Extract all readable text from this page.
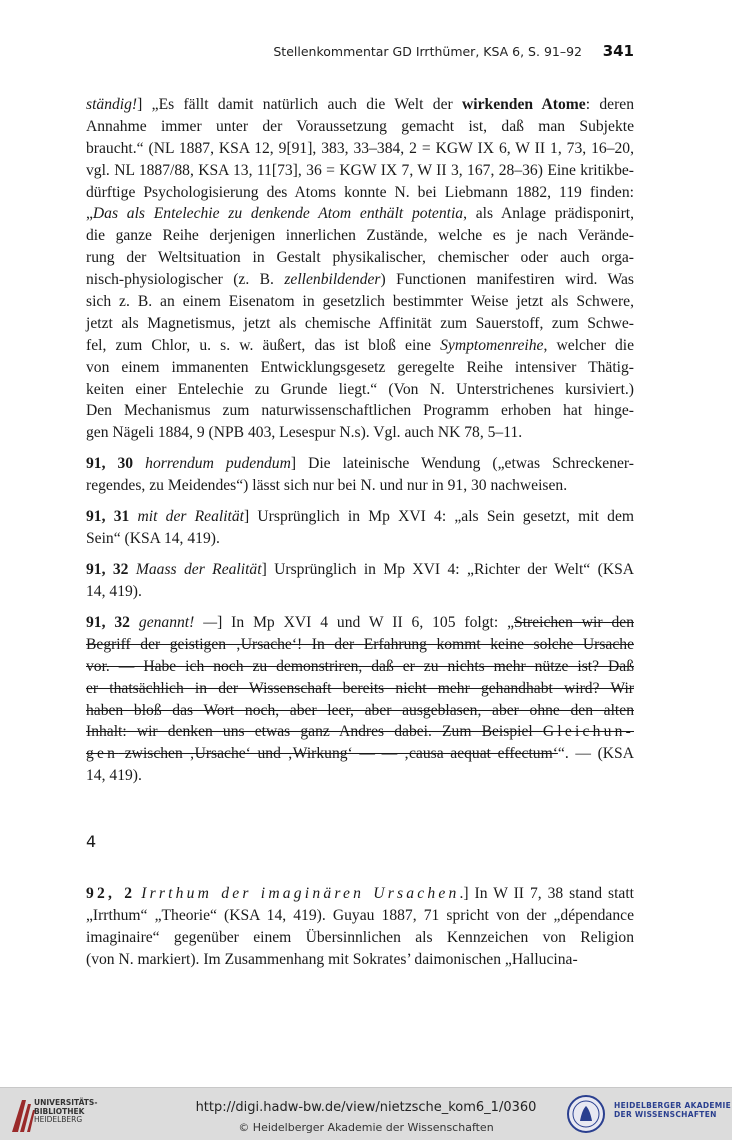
Stellenkommentar GD Irrthümer, KSA 6, S. 91–92 341
ständig!] „Es fällt damit natürlich auch die Welt der wirkenden Atome: deren
Annahme immer unter der Voraussetzung gemacht ist, daß man Subjekte
braucht.“ (NL 1887, KSA 12, 9[91], 383, 33–384, 2 = KGW IX 6, W II 1, 73, 16–20,
vgl. NL 1887/88, KSA 13, 11[73], 36 = KGW IX 7, W II 3, 167, 28–36) Eine kritikbe-
dürftige Psychologisierung des Atoms konnte N. bei Liebmann 1882, 119 finden:
„Das als Entelechie zu denkende Atom enthält potentia, als Anlage prädisponirt,
die ganze Reihe derjenigen innerlichen Zustände, welche es je nach Verände-
rung der Weltsituation in Gestalt physikalischer, chemischer oder auch orga-
nisch-physiologischer (z. B. zellenbildender) Functionen manifestiren wird. Was
sich z. B. an einem Eisenatom in gesetzlich bestimmter Weise jetzt als Schwere,
jetzt als Magnetismus, jetzt als chemische Affinität zum Sauerstoff, zum Schwe-
fel, zum Chlor, u. s. w. äußert, das ist bloß eine Symptomenreihe, welcher die
von einem immanenten Entwicklungsgesetz geregelte Reihe intensiver Thätig-
keiten einer Entelechie zu Grunde liegt.“ (Von N. Unterstrichenes kursiviert.)
Den Mechanismus zum naturwissenschaftlichen Programm erhoben hat hinge-
gen Nägeli 1884, 9 (NPB 403, Lesespur N.s). Vgl. auch NK 78, 5–11.
91, 30 horrendum pudendum] Die lateinische Wendung („etwas Schreckener-
regendes, zu Meidendes“) lässt sich nur bei N. und nur in 91, 30 nachweisen.
91, 31 mit der Realität] Ursprünglich in Mp XVI 4: „als Sein gesetzt, mit dem
Sein“ (KSA 14, 419).
91, 32 Maass der Realität] Ursprünglich in Mp XVI 4: „Richter der Welt“ (KSA
14, 419).
91, 32 genannt! —] In Mp XVI 4 und W II 6, 105 folgt: „Streichen wir den
Begriff der geistigen ‚Ursache‘! In der Erfahrung kommt keine solche Ursache
vor. — Habe ich noch zu demonstriren, daß er zu nichts mehr nütze ist? Daß
er thatsächlich in der Wissenschaft bereits nicht mehr gehandhabt wird? Wir
haben bloß das Wort noch, aber leer, aber ausgeblasen, aber ohne den alten
Inhalt: wir denken uns etwas ganz Andres dabei. Zum Beispiel Gleichun-
gen zwischen ‚Ursache‘ und ‚Wirkung‘ — — ‚causa aequat effectum‘“. — (KSA
14, 419).
4
92, 2 Irrthum der imaginären Ursachen.] In W II 7, 38 stand statt
„Irrthum“ „Theorie“ (KSA 14, 419). Guyau 1887, 71 spricht von der „dépendance
imaginaire“ gegenüber einem Übersinnlichen als Kennzeichen von Religion
(von N. markiert). Im Zusammenhang mit Sokrates’ daimonischen „Hallucina-
UNIVERSITÄTS-
BIBLIOTHEK
HEIDELBERG
http://digi.hadw-bw.de/view/nietzsche_kom6_1/0360
© Heidelberger Akademie der Wissenschaften
HEIDELBERGER AKADEMIE
DER WISSENSCHAFTEN
